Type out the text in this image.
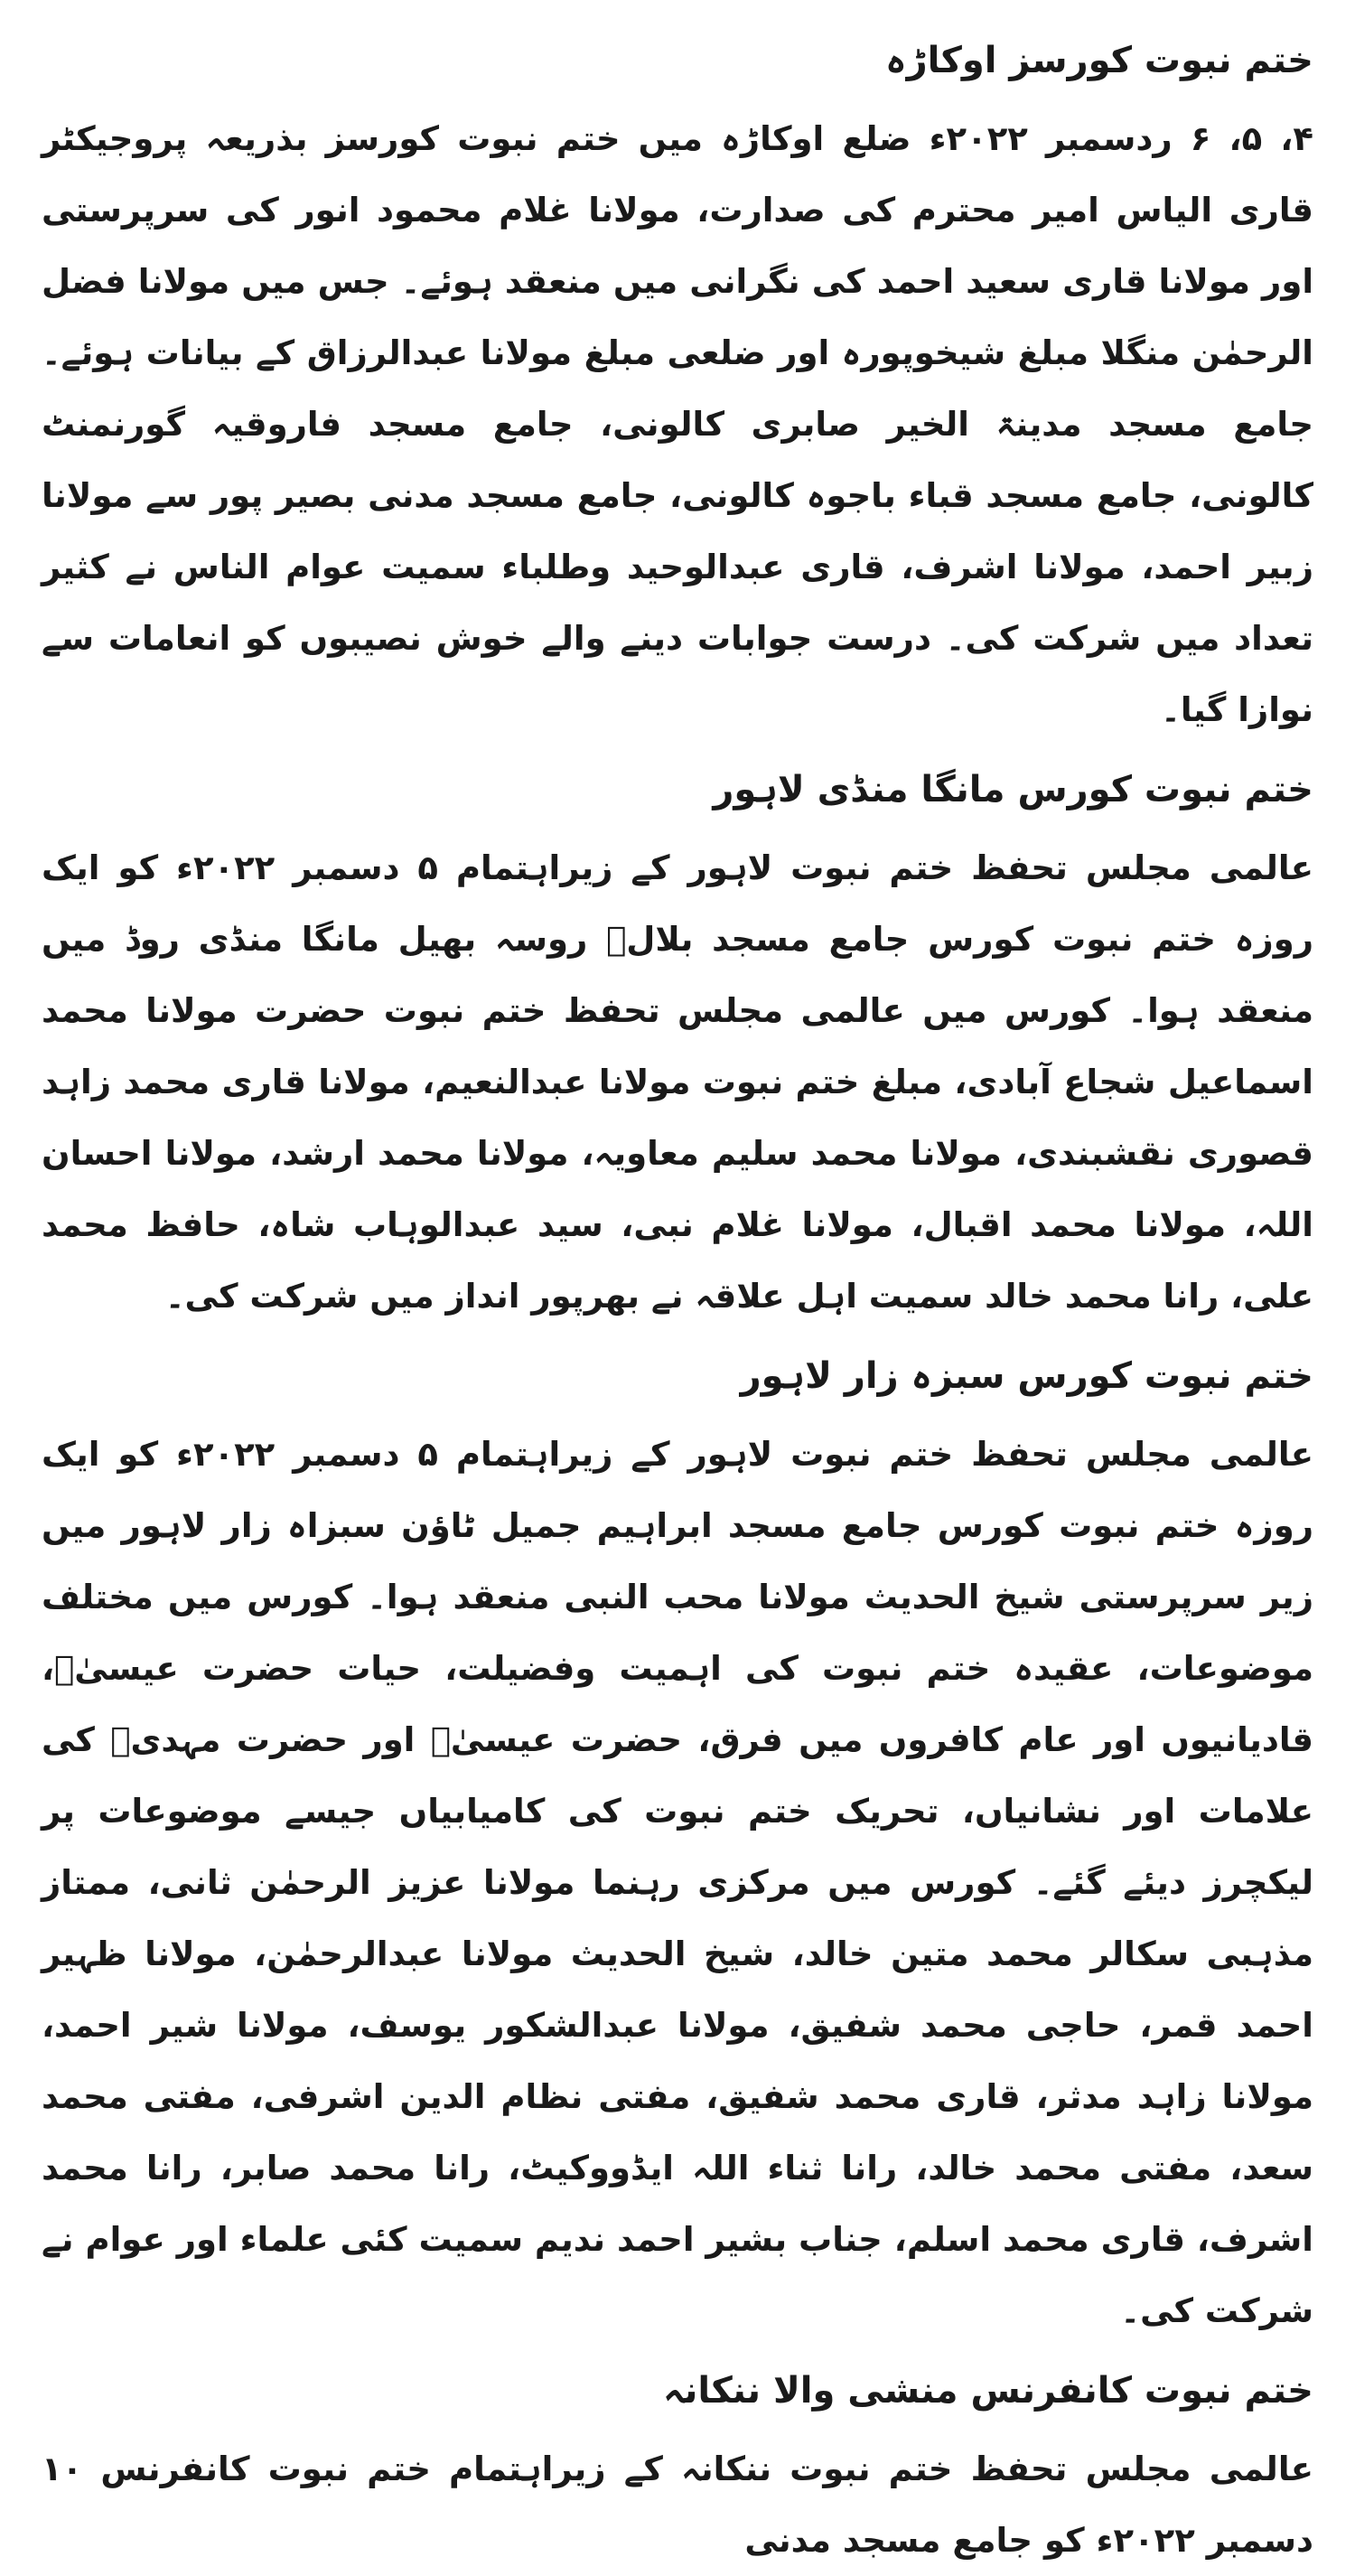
ختم نبوت کورسز اوکاڑہ

۴، ۵، ۶ ردسمبر ۲۰۲۲ء ضلع اوکاڑہ میں ختم نبوت کورسز بذریعہ پروجیکٹر قاری الیاس امیر محترم کی صدارت، مولانا غلام محمود انور کی سرپرستی اور مولانا قاری سعید احمد کی نگرانی میں منعقد ہوئے۔ جس میں مولانا فضل الرحمٰن منگلا مبلغ شیخوپورہ اور ضلعی مبلغ مولانا عبدالرزاق کے بیانات ہوئے۔ جامع مسجد مدینۃ الخیر صابری کالونی، جامع مسجد فاروقیہ گورنمنٹ کالونی، جامع مسجد قباء باجوہ کالونی، جامع مسجد مدنی بصیر پور سے مولانا زبیر احمد، مولانا اشرف، قاری عبدالوحید وطلباء سمیت عوام الناس نے کثیر تعداد میں شرکت کی۔ درست جوابات دینے والے خوش نصیبوں کو انعامات سے نوازا گیا۔

ختم نبوت کورس مانگا منڈی لاہور

عالمی مجلس تحفظ ختم نبوت لاہور کے زیراہتمام ۵ دسمبر ۲۰۲۲ء کو ایک روزہ ختم نبوت کورس جامع مسجد بلالؓ روسہ بھیل مانگا منڈی روڈ میں منعقد ہوا۔ کورس میں عالمی مجلس تحفظ ختم نبوت حضرت مولانا محمد اسماعیل شجاع آبادی، مبلغ ختم نبوت مولانا عبدالنعیم، مولانا قاری محمد زاہد قصوری نقشبندی، مولانا محمد سلیم معاویہ، مولانا محمد ارشد، مولانا احسان اللہ، مولانا محمد اقبال، مولانا غلام نبی، سید عبدالوہاب شاہ، حافظ محمد علی، رانا محمد خالد سمیت اہل علاقہ نے بھرپور انداز میں شرکت کی۔

ختم نبوت کورس سبزہ زار لاہور

عالمی مجلس تحفظ ختم نبوت لاہور کے زیراہتمام ۵ دسمبر ۲۰۲۲ء کو ایک روزہ ختم نبوت کورس جامع مسجد ابراہیم جمیل ٹاؤن سبزاہ زار لاہور میں زیر سرپرستی شیخ الحدیث مولانا محب النبی منعقد ہوا۔ کورس میں مختلف موضوعات، عقیدہ ختم نبوت کی اہمیت وفضیلت، حیات حضرت عیسیٰؑ، قادیانیوں اور عام کافروں میں فرق، حضرت عیسیٰؑ اور حضرت مہدیؓ کی علامات اور نشانیاں، تحریک ختم نبوت کی کامیابیاں جیسے موضوعات پر لیکچرز دیئے گئے۔ کورس میں مرکزی رہنما مولانا عزیز الرحمٰن ثانی، ممتاز مذہبی سکالر محمد متین خالد، شیخ الحدیث مولانا عبدالرحمٰن، مولانا ظہیر احمد قمر، حاجی محمد شفیق، مولانا عبدالشکور یوسف، مولانا شیر احمد، مولانا زاہد مدثر، قاری محمد شفیق، مفتی نظام الدین اشرفی، مفتی محمد سعد، مفتی محمد خالد، رانا ثناء اللہ ایڈووکیٹ، رانا محمد صابر، رانا محمد اشرف، قاری محمد اسلم، جناب بشیر احمد ندیم سمیت کئی علماء اور عوام نے شرکت کی۔

ختم نبوت کانفرنس منشی والا ننکانہ

عالمی مجلس تحفظ ختم نبوت ننکانہ کے زیراہتمام ختم نبوت کانفرنس ۱۰ دسمبر ۲۰۲۲ء کو جامع مسجد مدنی
